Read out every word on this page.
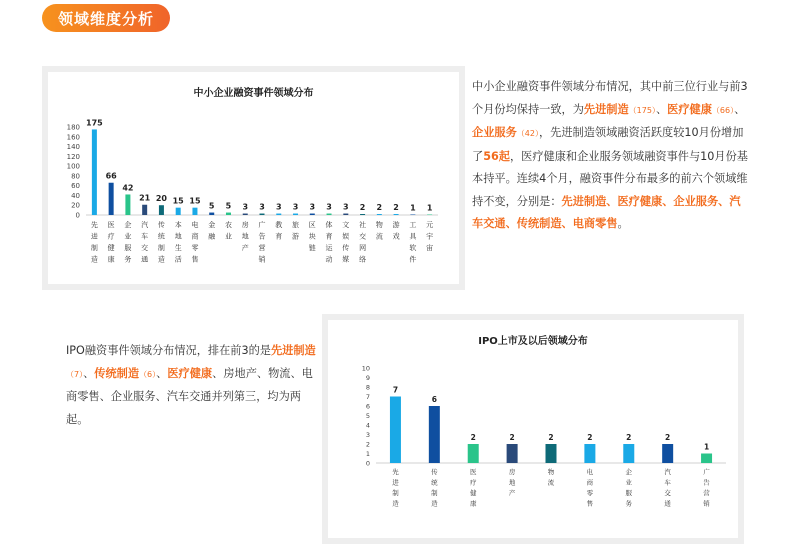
领域维度分析
中小企业融资事件领域分布
0
20
40
60
80
100
120
140
160
180
175
先进制造
66
医疗健康
42
企业服务
21
汽车交通
20
传统制造
15
本地生活
15
电商零售
5
金融
5
农业
3
房地产
3
广告营销
3
教育
3
旅游
3
区块链
3
体育运动
3
文娱传媒
2
社交网络
2
物流
2
游戏
1
工具软件
1
元宇宙
中小企业融资事件领域分布情况，其中前三位行业与前3个月份均保持一致，为先进制造（175）、医疗健康（66）、企业服务（42），先进制造领域融资活跃度较10月份增加了56起，医疗健康和企业服务领域融资事件与10月份基本持平。连续4个月，融资事件分布最多的前六个领域维持不变，分别是：先进制造、医疗健康、企业服务、汽车交通、传统制造、电商零售。
IPO融资事件领域分布情况，排在前3的是先进制造（7）、传统制造（6）、医疗健康、房地产、物流、电商零售、企业服务、汽车交通并列第三，均为两起。
IPO上市及以后领域分布
0
1
2
3
4
5
6
7
8
9
10
7
先进制造
6
传统制造
2
医疗健康
2
房地产
2
物流
2
电商零售
2
企业服务
2
汽车交通
1
广告营销
